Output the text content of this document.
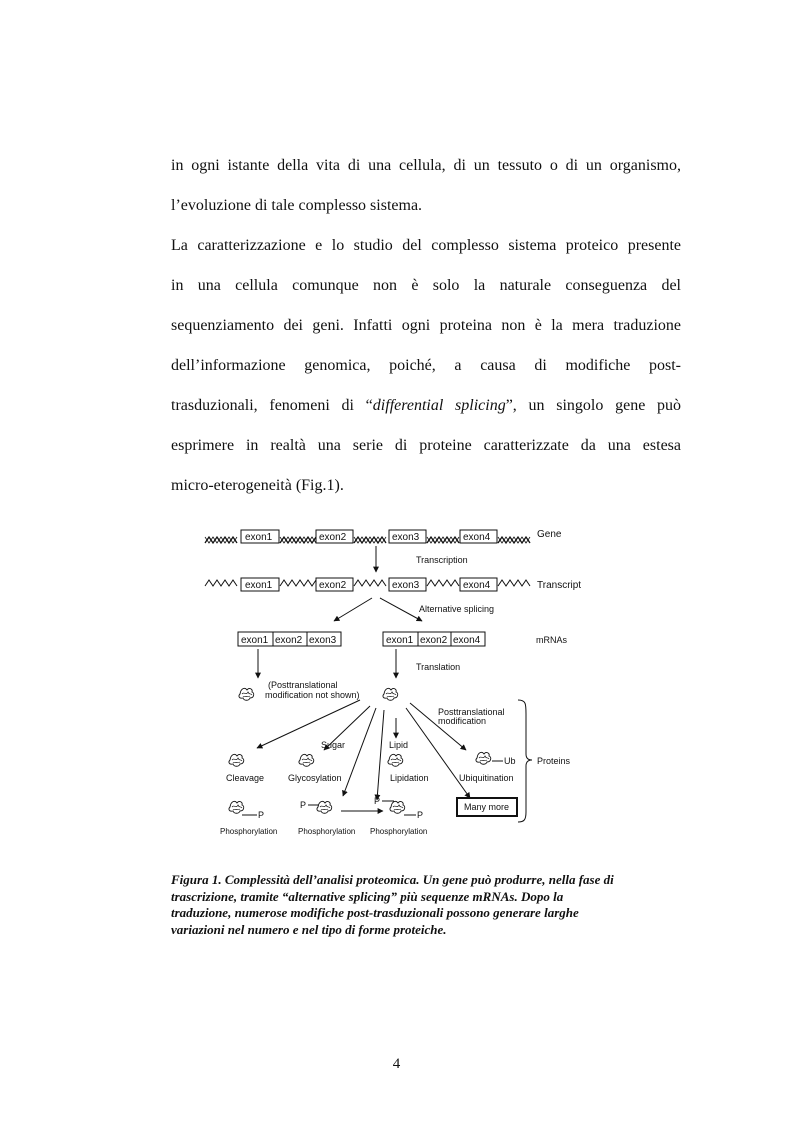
in ogni istante della vita di una cellula, di un tessuto o di un organismo,

l’evoluzione di tale complesso sistema.

La caratterizzazione e lo studio del complesso sistema proteico presente

in una cellula comunque non è solo la naturale conseguenza del

sequenziamento dei geni. Infatti ogni proteina non è la mera traduzione

dell’informazione genomica, poiché, a causa di modifiche post-

trasduzionali, fenomeni di “differential splicing”, un singolo gene può

esprimere in realtà una serie di proteine caratterizzate da una estesa

micro-eterogeneità (Fig.1).

exon1	exon2	exon3	exon4	Gene
Transcription
exon1	exon2	exon3	exon4	Transcript
Alternative splicing
exon1 exon2 exon3	exon1 exon2 exon4	mRNAs
Translation
(Posttranslational
modification not shown)
Posttranslational
modification
Sugar	Lipid
Cleavage	Glycosylation	Lipidation
Ub
Ubiquitination
Proteins
P
Phosphorylation
P
Phosphorylation
P
P
Phosphorylation
Many more
Figura 1. Complessità dell’analisi proteomica. Un gene può produrre, nella fase di
trascrizione, tramite “alternative splicing” più sequenze mRNAs. Dopo la
traduzione, numerose modifiche post-trasduzionali possono generare larghe
variazioni nel numero e nel tipo di forme proteiche.
4
